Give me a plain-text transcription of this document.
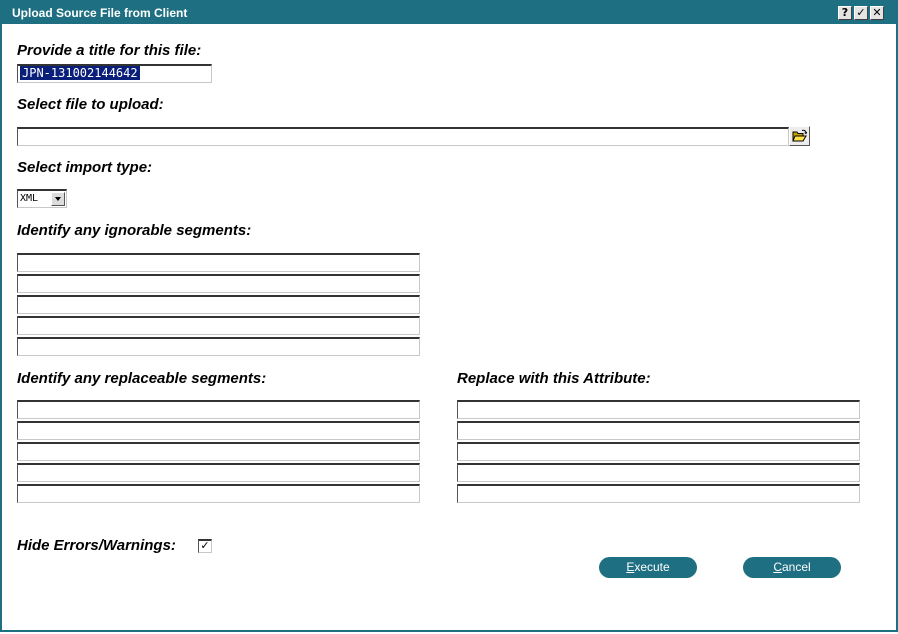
Upload Source File from Client	? ✓ ✕
Provide a title for this file:
JPN-131002144642
Select file to upload:
Select import type:
XML
Identify any ignorable segments:
Identify any replaceable segments:	Replace with this Attribute:
Hide Errors/Warnings: ✓
Execute	Cancel
